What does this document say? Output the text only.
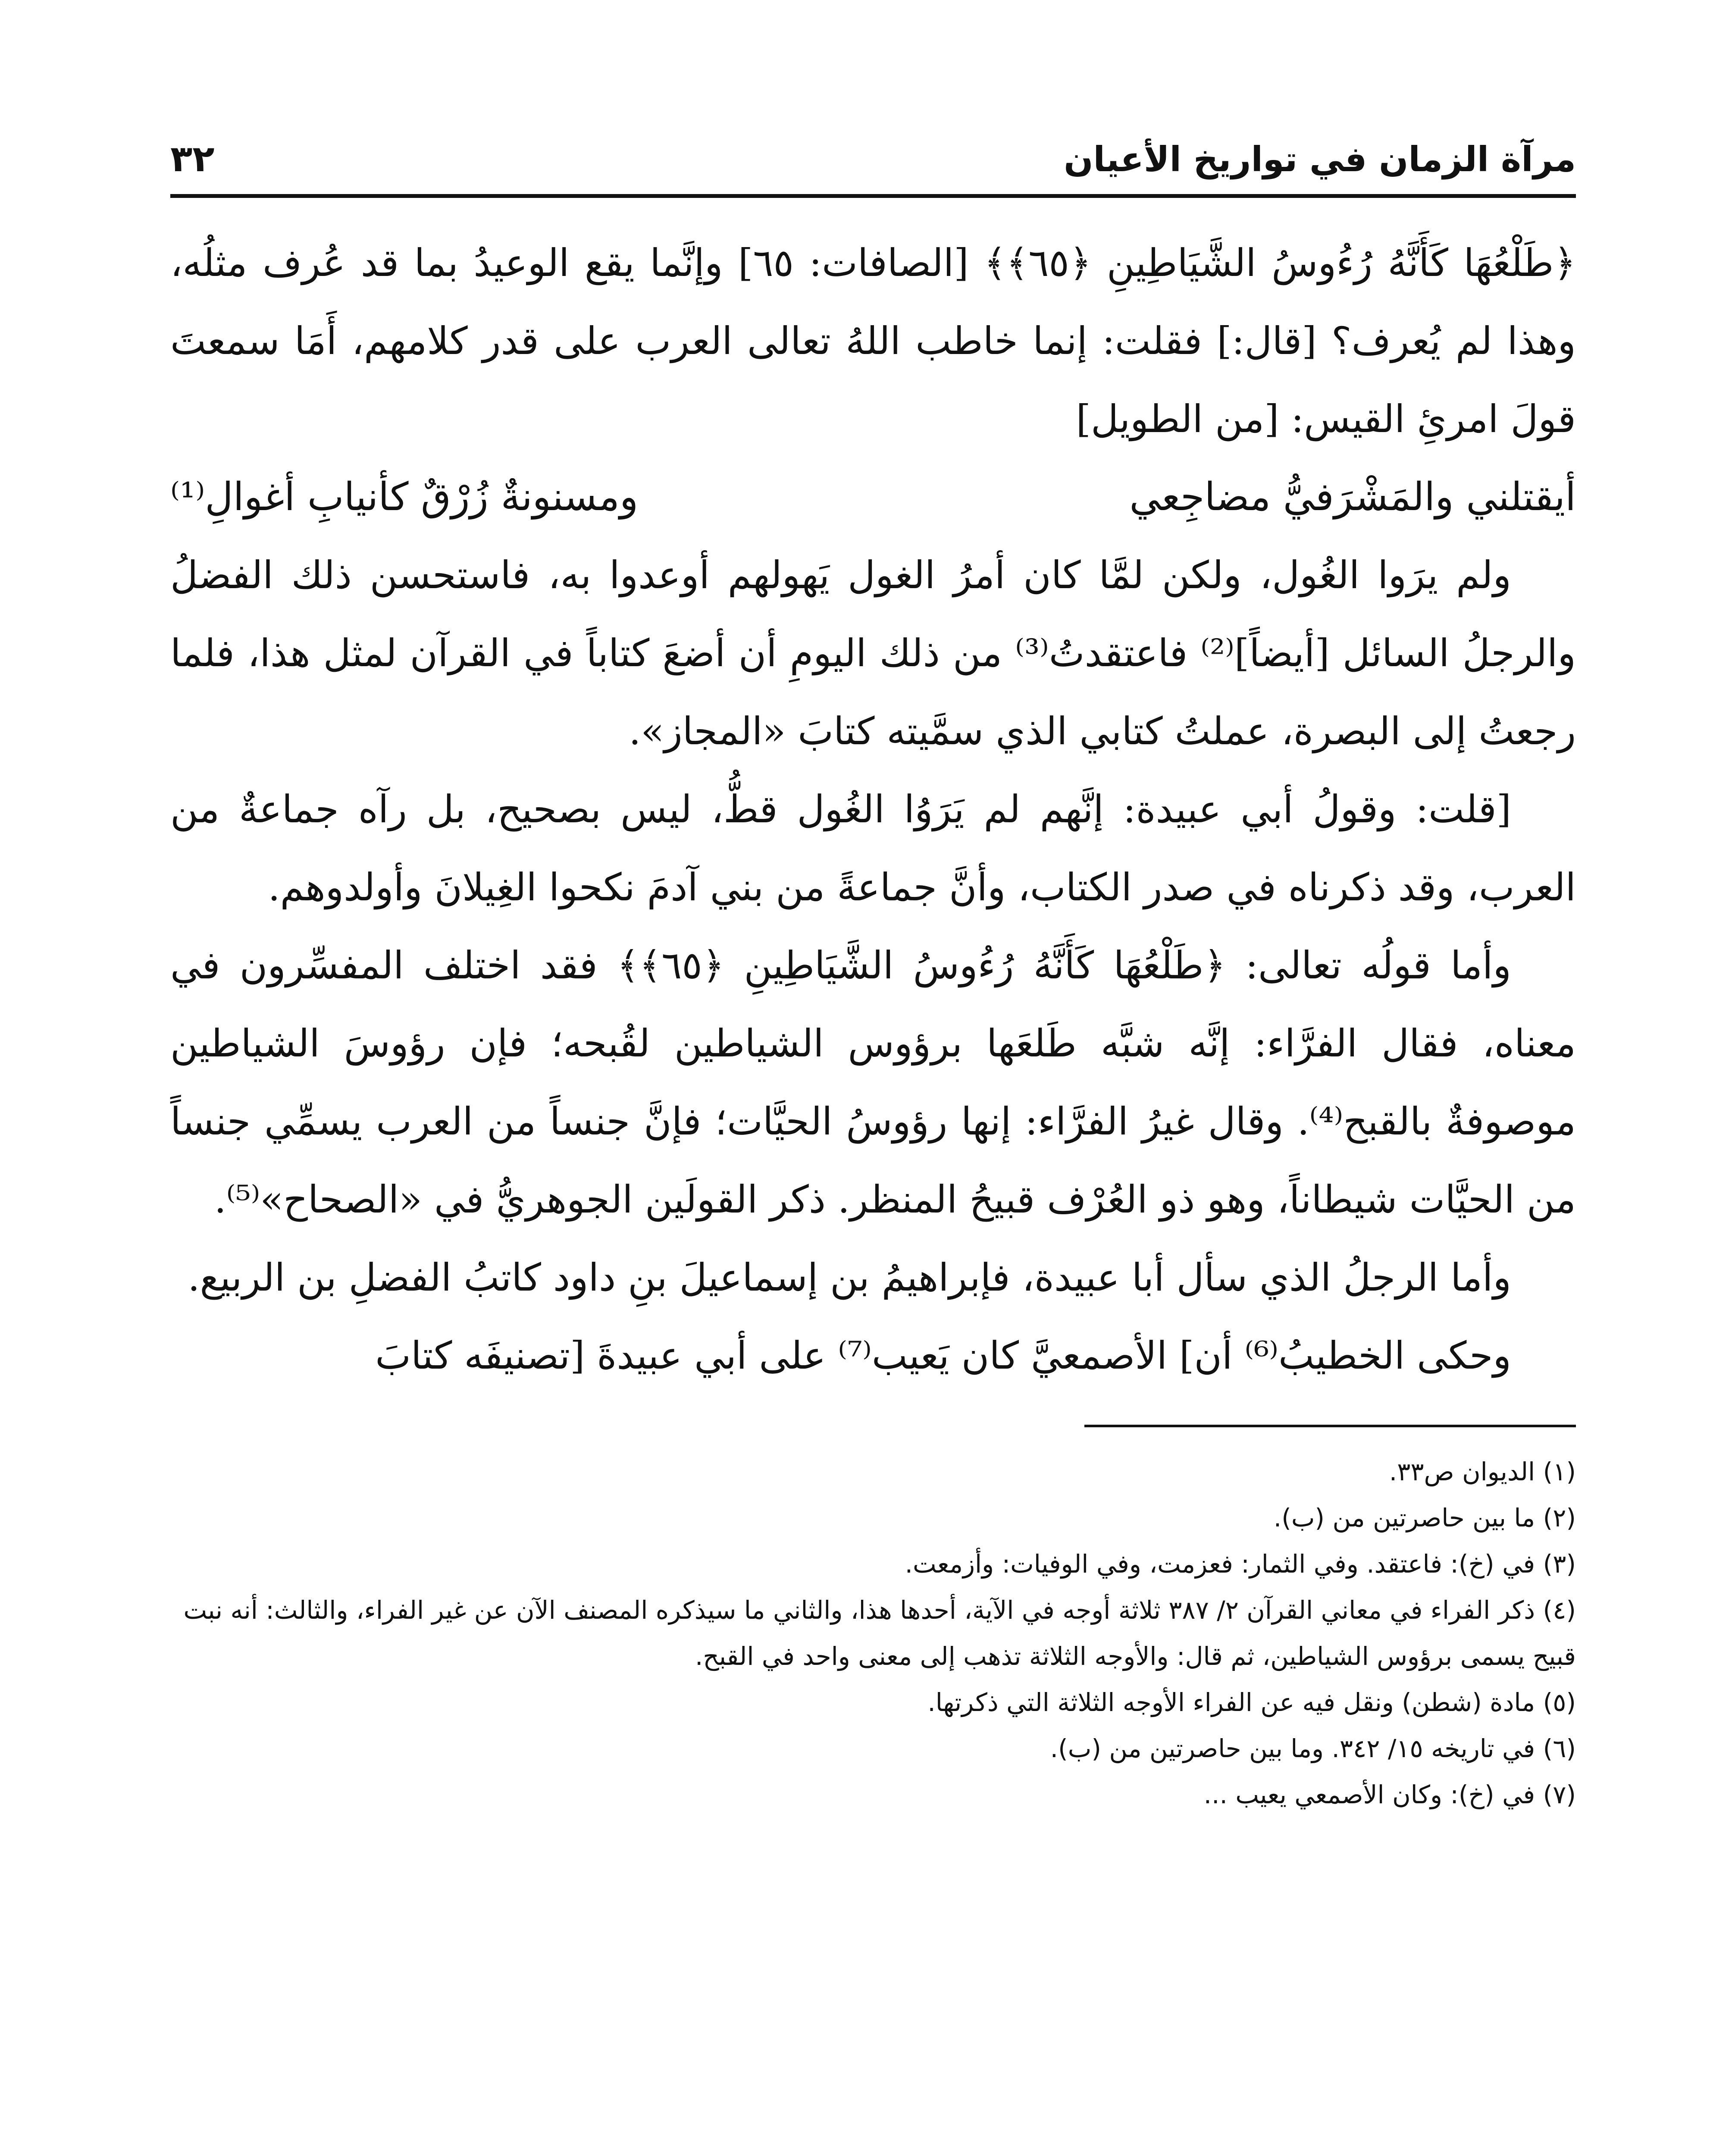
مرآة الزمان في تواريخ الأعيان
٣٢

﴿طَلْعُهَا كَأَنَّهُ رُءُوسُ الشَّيَاطِينِ ﴿٦٥﴾﴾ [الصافات: ٦٥] وإنَّما يقع الوعيدُ بما قد عُرف مثلُه، وهذا لم يُعرف؟ [قال:] فقلت: إنما خاطب اللهُ تعالى العرب على قدر كلامهم، أَمَا سمعتَ قولَ امرئِ القيس: [من الطويل]

أيقتلني والمَشْرَفيُّ مضاجِعي
ومسنونةٌ زُرْقٌ كأنيابِ أغوالِ⁽¹⁾

ولم يرَوا الغُول، ولكن لمَّا كان أمرُ الغول يَهولهم أوعدوا به، فاستحسن ذلك الفضلُ والرجلُ السائل [أيضاً]⁽²⁾ فاعتقدتُ⁽³⁾ من ذلك اليومِ أن أضعَ كتاباً في القرآن لمثل هذا، فلما رجعتُ إلى البصرة، عملتُ كتابي الذي سمَّيته كتابَ «المجاز».

[قلت: وقولُ أبي عبيدة: إنَّهم لم يَرَوُا الغُول قطُّ، ليس بصحيح، بل رآه جماعةٌ من العرب، وقد ذكرناه في صدر الكتاب، وأنَّ جماعةً من بني آدمَ نكحوا الغِيلانَ وأولدوهم.

وأما قولُه تعالى: ﴿طَلْعُهَا كَأَنَّهُ رُءُوسُ الشَّيَاطِينِ ﴿٦٥﴾﴾ فقد اختلف المفسِّرون في معناه، فقال الفرَّاء: إنَّه شبَّه طَلعَها برؤوس الشياطين لقُبحه؛ فإن رؤوسَ الشياطين موصوفةٌ بالقبح⁽⁴⁾. وقال غيرُ الفرَّاء: إنها رؤوسُ الحيَّات؛ فإنَّ جنساً من العرب يسمِّي جنساً من الحيَّات شيطاناً، وهو ذو العُرْف قبيحُ المنظر. ذكر القولَين الجوهريُّ في «الصحاح»⁽⁵⁾.

وأما الرجلُ الذي سأل أبا عبيدة، فإبراهيمُ بن إسماعيلَ بنِ داود كاتبُ الفضلِ بن الربيع.

وحكى الخطيبُ⁽⁶⁾ أن] الأصمعيَّ كان يَعيب⁽⁷⁾ على أبي عبيدةَ [تصنيفَه كتابَ

(١) الديوان ص٣٣.
(٢) ما بين حاصرتين من (ب).
(٣) في (خ): فاعتقد. وفي الثمار: فعزمت، وفي الوفيات: وأزمعت.
(٤) ذكر الفراء في معاني القرآن ٢/ ٣٨٧ ثلاثة أوجه في الآية، أحدها هذا، والثاني ما سيذكره المصنف الآن عن غير الفراء، والثالث: أنه نبت قبيح يسمى برؤوس الشياطين، ثم قال: والأوجه الثلاثة تذهب إلى معنى واحد في القبح.
(٥) مادة (شطن) ونقل فيه عن الفراء الأوجه الثلاثة التي ذكرتها.
(٦) في تاريخه ١٥/ ٣٤٢. وما بين حاصرتين من (ب).
(٧) في (خ): وكان الأصمعي يعيب ...
